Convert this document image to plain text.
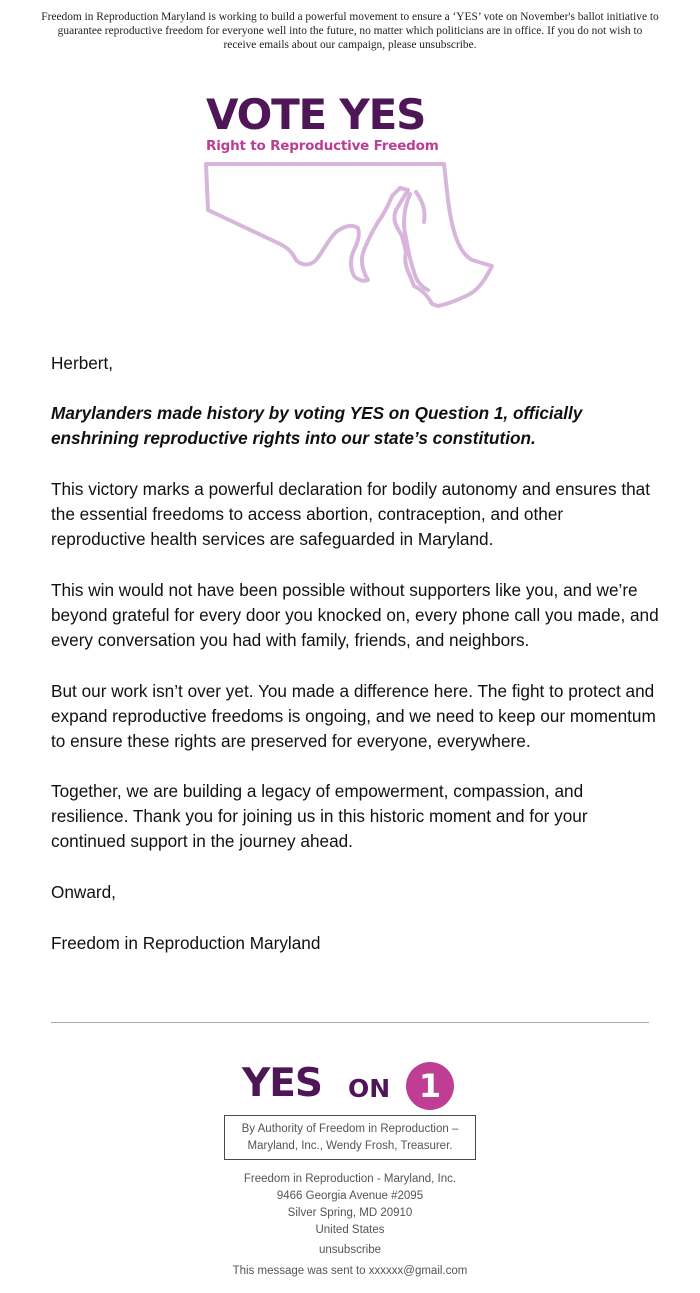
Freedom in Reproduction Maryland is working to build a powerful movement to ensure a ‘YES’ vote on November's ballot initiative to guarantee reproductive freedom for everyone well into the future, no matter which politicians are in office. If you do not wish to receive emails about our campaign, please unsubscribe.
VOTE YES
Right to Reproductive Freedom

Herbert,

Marylanders made history by voting YES on Question 1, officially enshrining reproductive rights into our state’s constitution.

This victory marks a powerful declaration for bodily autonomy and ensures that the essential freedoms to access abortion, contraception, and other reproductive health services are safeguarded in Maryland.

This win would not have been possible without supporters like you, and we’re beyond grateful for every door you knocked on, every phone call you made, and every conversation you had with family, friends, and neighbors.

But our work isn’t over yet. You made a difference here. The fight to protect and expand reproductive freedoms is ongoing, and we need to keep our momentum to ensure these rights are preserved for everyone, everywhere.

Together, we are building a legacy of empowerment, compassion, and resilience. Thank you for joining us in this historic moment and for your continued support in the journey ahead.

Onward,

Freedom in Reproduction Maryland

YES ON 1
By Authority of Freedom in Reproduction –
Maryland, Inc., Wendy Frosh, Treasurer.
Freedom in Reproduction - Maryland, Inc.
9466 Georgia Avenue #2095
Silver Spring, MD 20910
United States
unsubscribe
This message was sent to xxxxxx@gmail.com
